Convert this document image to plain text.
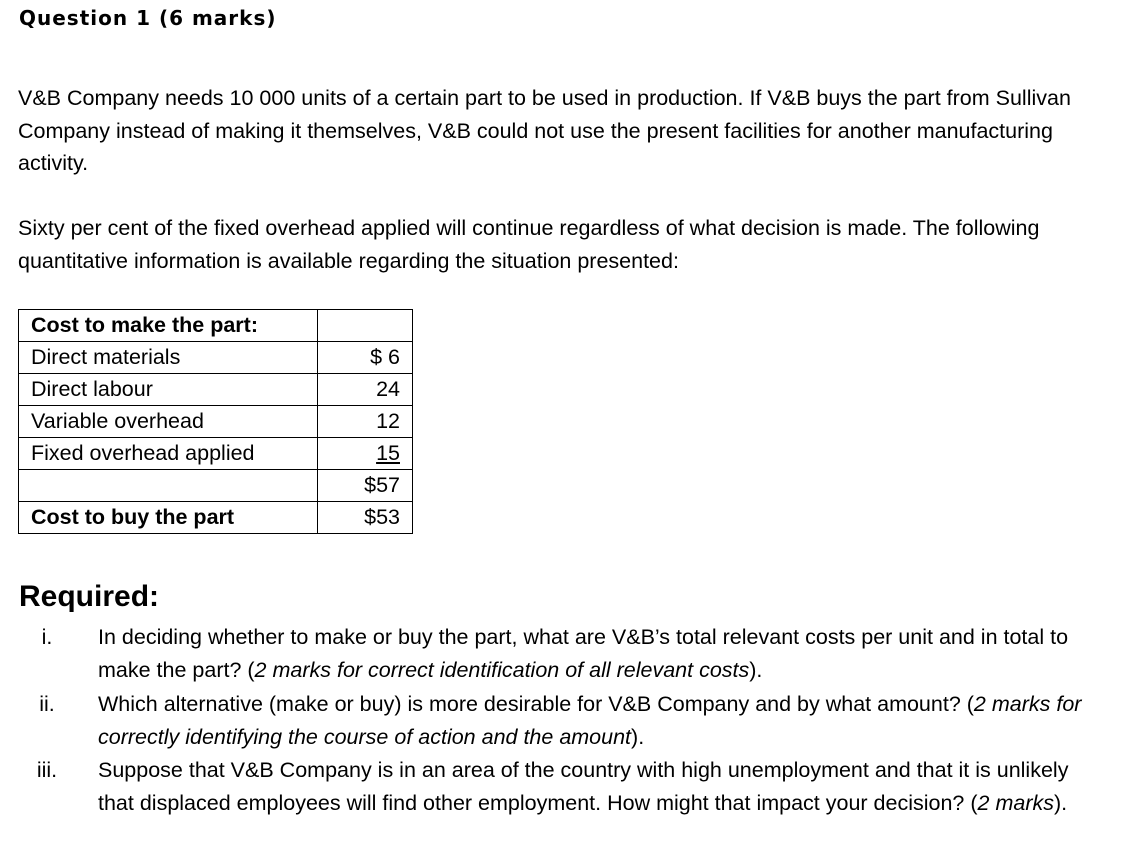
Question 1 (6 marks)

V&B Company needs 10 000 units of a certain part to be used in production. If V&B buys the part from Sullivan Company instead of making it themselves, V&B could not use the present facilities for another manufacturing activity.

Sixty per cent of the fixed overhead applied will continue regardless of what decision is made. The following quantitative information is available regarding the situation presented:

Cost to make the part:	
Direct materials	$ 6
Direct labour	24
Variable overhead	12
Fixed overhead applied	15
	$57
Cost to buy the part	$53
Required:
i.	In deciding whether to make or buy the part, what are V&B’s total relevant costs per unit and in total to make the part? (2 marks for correct identification of all relevant costs).
ii.	Which alternative (make or buy) is more desirable for V&B Company and by what amount? (2 marks for correctly identifying the course of action and the amount).
iii.	Suppose that V&B Company is in an area of the country with high unemployment and that it is unlikely that displaced employees will find other employment. How might that impact your decision? (2 marks).
